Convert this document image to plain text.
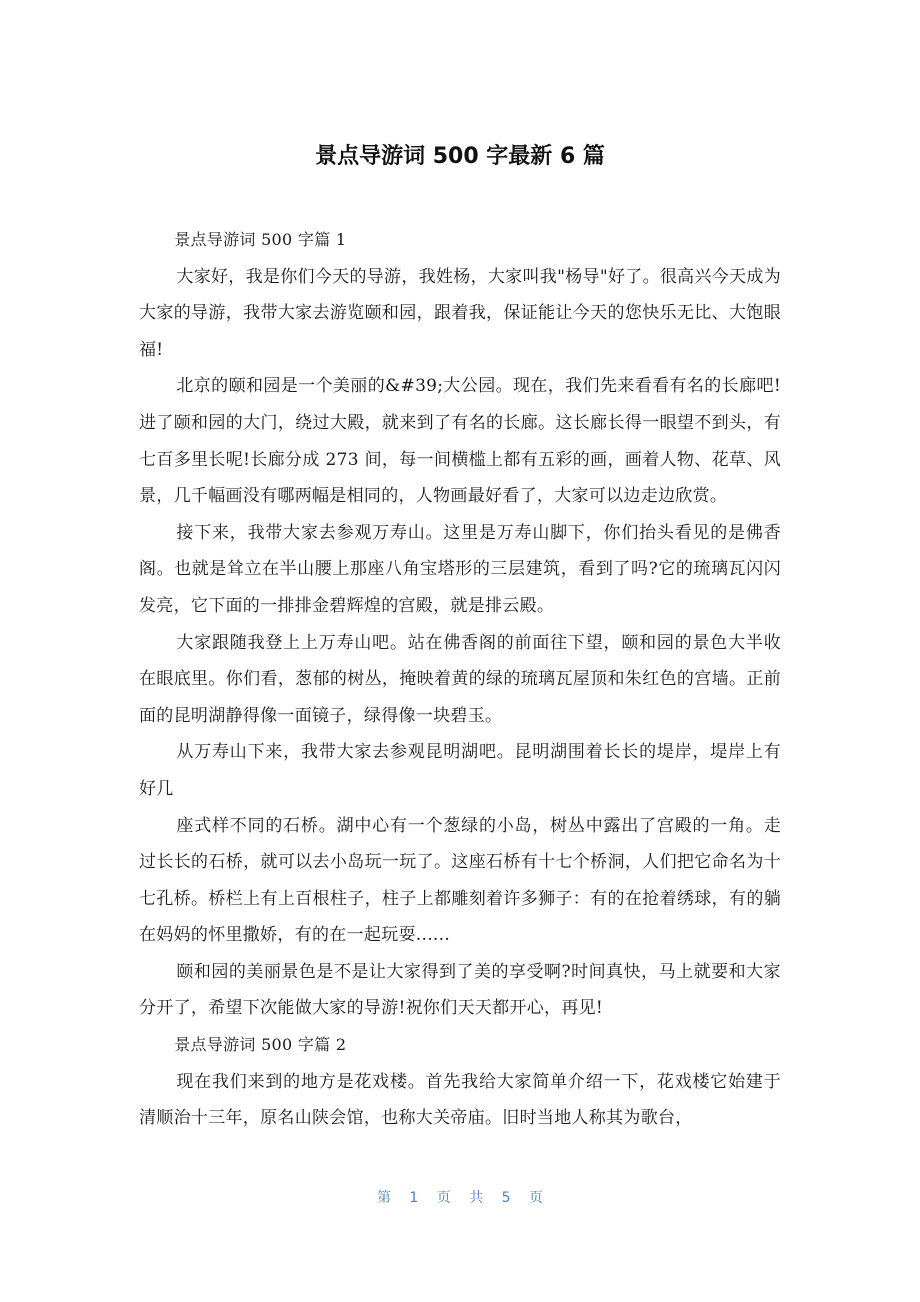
景点导游词 500 字最新 6 篇

景点导游词 500 字篇 1

大家好，我是你们今天的导游，我姓杨，大家叫我"杨导"好了。很高兴今天成为大家的导游，我带大家去游览颐和园，跟着我，保证能让今天的您快乐无比、大饱眼福!

北京的颐和园是一个美丽的&#39;大公园。现在，我们先来看看有名的长廊吧!进了颐和园的大门，绕过大殿，就来到了有名的长廊。这长廊长得一眼望不到头，有七百多里长呢!长廊分成 273 间，每一间横槛上都有五彩的画，画着人物、花草、风景，几千幅画没有哪两幅是相同的，人物画最好看了，大家可以边走边欣赏。

接下来，我带大家去参观万寿山。这里是万寿山脚下，你们抬头看见的是佛香阁。也就是耸立在半山腰上那座八角宝塔形的三层建筑，看到了吗?它的琉璃瓦闪闪发亮，它下面的一排排金碧辉煌的宫殿，就是排云殿。

大家跟随我登上上万寿山吧。站在佛香阁的前面往下望，颐和园的景色大半收在眼底里。你们看，葱郁的树丛，掩映着黄的绿的琉璃瓦屋顶和朱红色的宫墙。正前面的昆明湖静得像一面镜子，绿得像一块碧玉。

从万寿山下来，我带大家去参观昆明湖吧。昆明湖围着长长的堤岸，堤岸上有好几

座式样不同的石桥。湖中心有一个葱绿的小岛，树丛中露出了宫殿的一角。走过长长的石桥，就可以去小岛玩一玩了。这座石桥有十七个桥洞，人们把它命名为十七孔桥。桥栏上有上百根柱子，柱子上都雕刻着许多狮子：有的在抢着绣球，有的躺在妈妈的怀里撒娇，有的在一起玩耍......

颐和园的美丽景色是不是让大家得到了美的享受啊?时间真快，马上就要和大家分开了，希望下次能做大家的导游!祝你们天天都开心，再见!

景点导游词 500 字篇 2

现在我们来到的地方是花戏楼。首先我给大家简单介绍一下，花戏楼它始建于清顺治十三年，原名山陕会馆，也称大关帝庙。旧时当地人称其为歌台，

第 1 页 共 5 页
